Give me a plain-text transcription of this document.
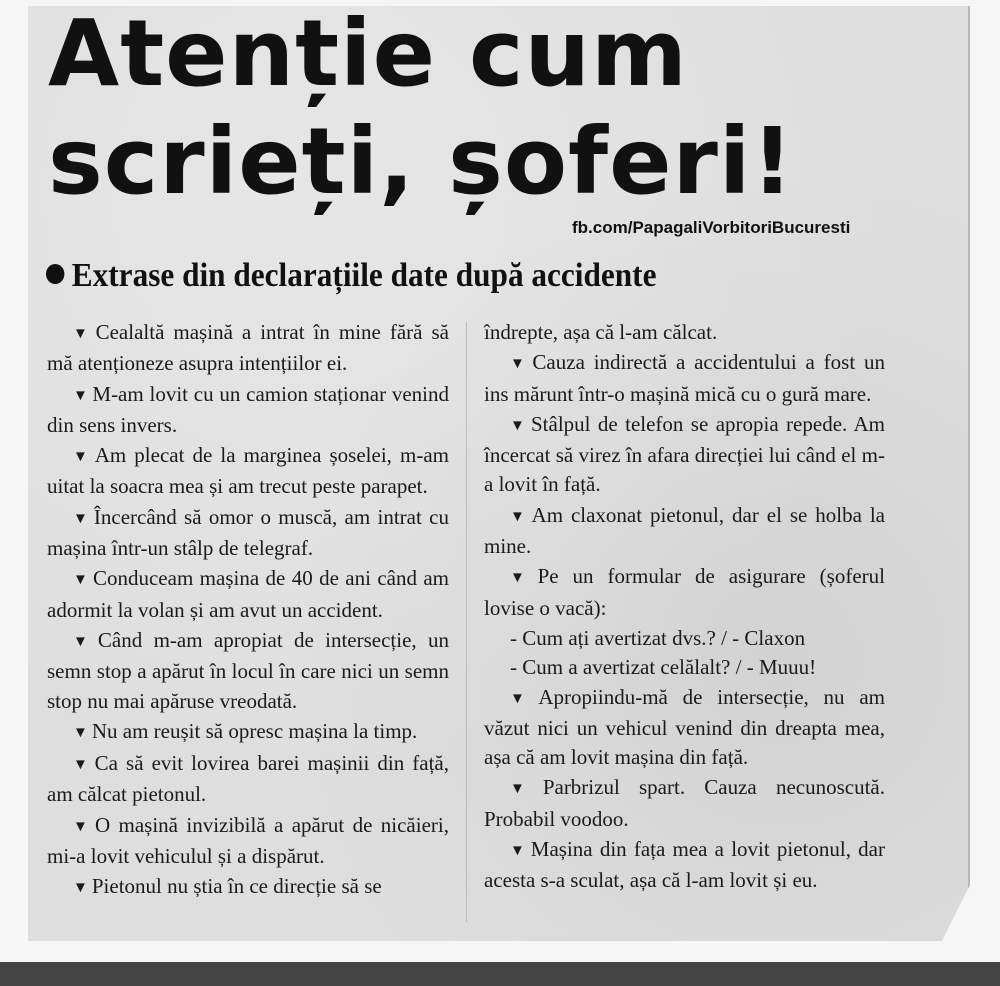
Atenție cum
scrieți, șoferi!
fb.com/PapagaliVorbitoriBucuresti
Extrase din declarațiile date după accidente

▼ Cealaltă mașină a intrat în mine fără să mă atenționeze asupra intențiilor ei.

▼ M-am lovit cu un camion staționar venind din sens invers.

▼ Am plecat de la marginea șoselei, m-am uitat la soacra mea și am trecut peste parapet.

▼ Încercând să omor o muscă, am intrat cu mașina într-un stâlp de telegraf.

▼ Conduceam mașina de 40 de ani când am adormit la volan și am avut un accident.

▼ Când m-am apropiat de intersecție, un semn stop a apărut în locul în care nici un semn stop nu mai apăruse vreodată.

▼ Nu am reușit să opresc mașina la timp.

▼ Ca să evit lovirea barei mașinii din față, am călcat pietonul.

▼ O mașină invizibilă a apărut de nicăieri, mi-a lovit vehiculul și a dispărut.

▼ Pietonul nu știa în ce direcție să se

îndrepte, așa că l-am călcat.

▼ Cauza indirectă a accidentului a fost un ins mărunt într-o mașină mică cu o gură mare.

▼ Stâlpul de telefon se apropia repede. Am încercat să virez în afara direcției lui când el m-a lovit în față.

▼ Am claxonat pietonul, dar el se holba la mine.

▼ Pe un formular de asigurare (șoferul lovise o vacă):

- Cum ați avertizat dvs.? / - Claxon

- Cum a avertizat celălalt? / - Muuu!

▼ Apropiindu-mă de intersecție, nu am văzut nici un vehicul venind din dreapta mea, așa că am lovit mașina din față.

▼ Parbrizul spart. Cauza necunoscută. Probabil voodoo.

▼ Mașina din fața mea a lovit pietonul, dar acesta s-a sculat, așa că l-am lovit și eu.
